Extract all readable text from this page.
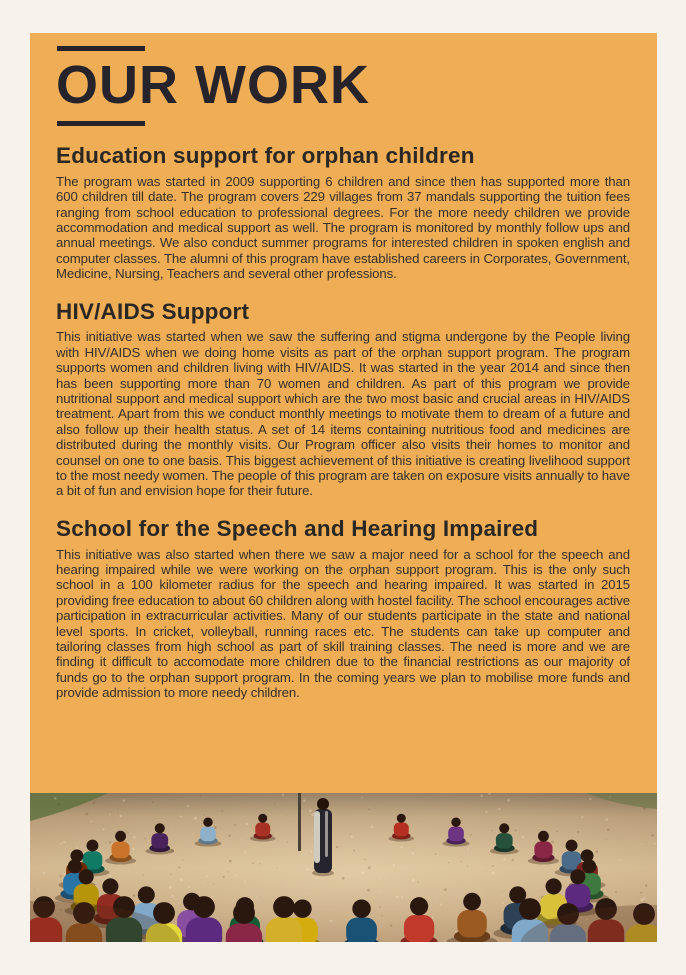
OUR WORK
Education support for orphan children

The program was started in 2009 supporting 6 children and since then has supported more than 600 children till date. The program covers 229 villages from 37 mandals supporting the tuition fees ranging from school education to professional degrees. For the more needy children we provide accommodation and medical support as well. The program is monitored by monthly follow ups and annual meetings. We also conduct summer programs for interested children in spoken english and computer classes. The alumni of this program have established careers in Corporates, Government, Medicine, Nursing, Teachers and several other professions.

HIV/AIDS Support

This initiative was started when we saw the suffering and stigma undergone by the People living with HIV/AIDS when we doing home visits as part of the orphan support program. The program supports women and children living with HIV/AIDS. It was started in the year 2014 and since then has been supporting more than 70 women and children. As part of this program we provide nutritional support and medical support which are the two most basic and crucial areas in HIV/AIDS treatment. Apart from this we conduct monthly meetings to motivate them to dream of a future and also follow up their health status. A set of 14 items containing nutritious food and medicines are distributed during the monthly visits. Our Program officer also visits their homes to monitor and counsel on one to one basis. This biggest achievement of this initiative is creating livelihood support to the most needy women. The people of this program are taken on exposure visits annually to have a bit of fun and envision hope for their future.

School for the Speech and Hearing Impaired

This initiative was also started when there we saw a major need for a school for the speech and hearing impaired while we were working on the orphan support program. This is the only such school in a 100 kilometer radius for the speech and hearing impaired. It was started in 2015 providing free education to about 60 children along with hostel facility. The school encourages active participation in extracurricular activities. Many of our students participate in the state and national level sports. In cricket, volleyball, running races etc. The students can take up computer and tailoring classes from high school as part of skill training classes. The need is more and we are finding it difficult to accomodate more children due to the financial restrictions as our majority of funds go to the orphan support program. In the coming years we plan to mobilise more funds and provide admission to more needy children.
